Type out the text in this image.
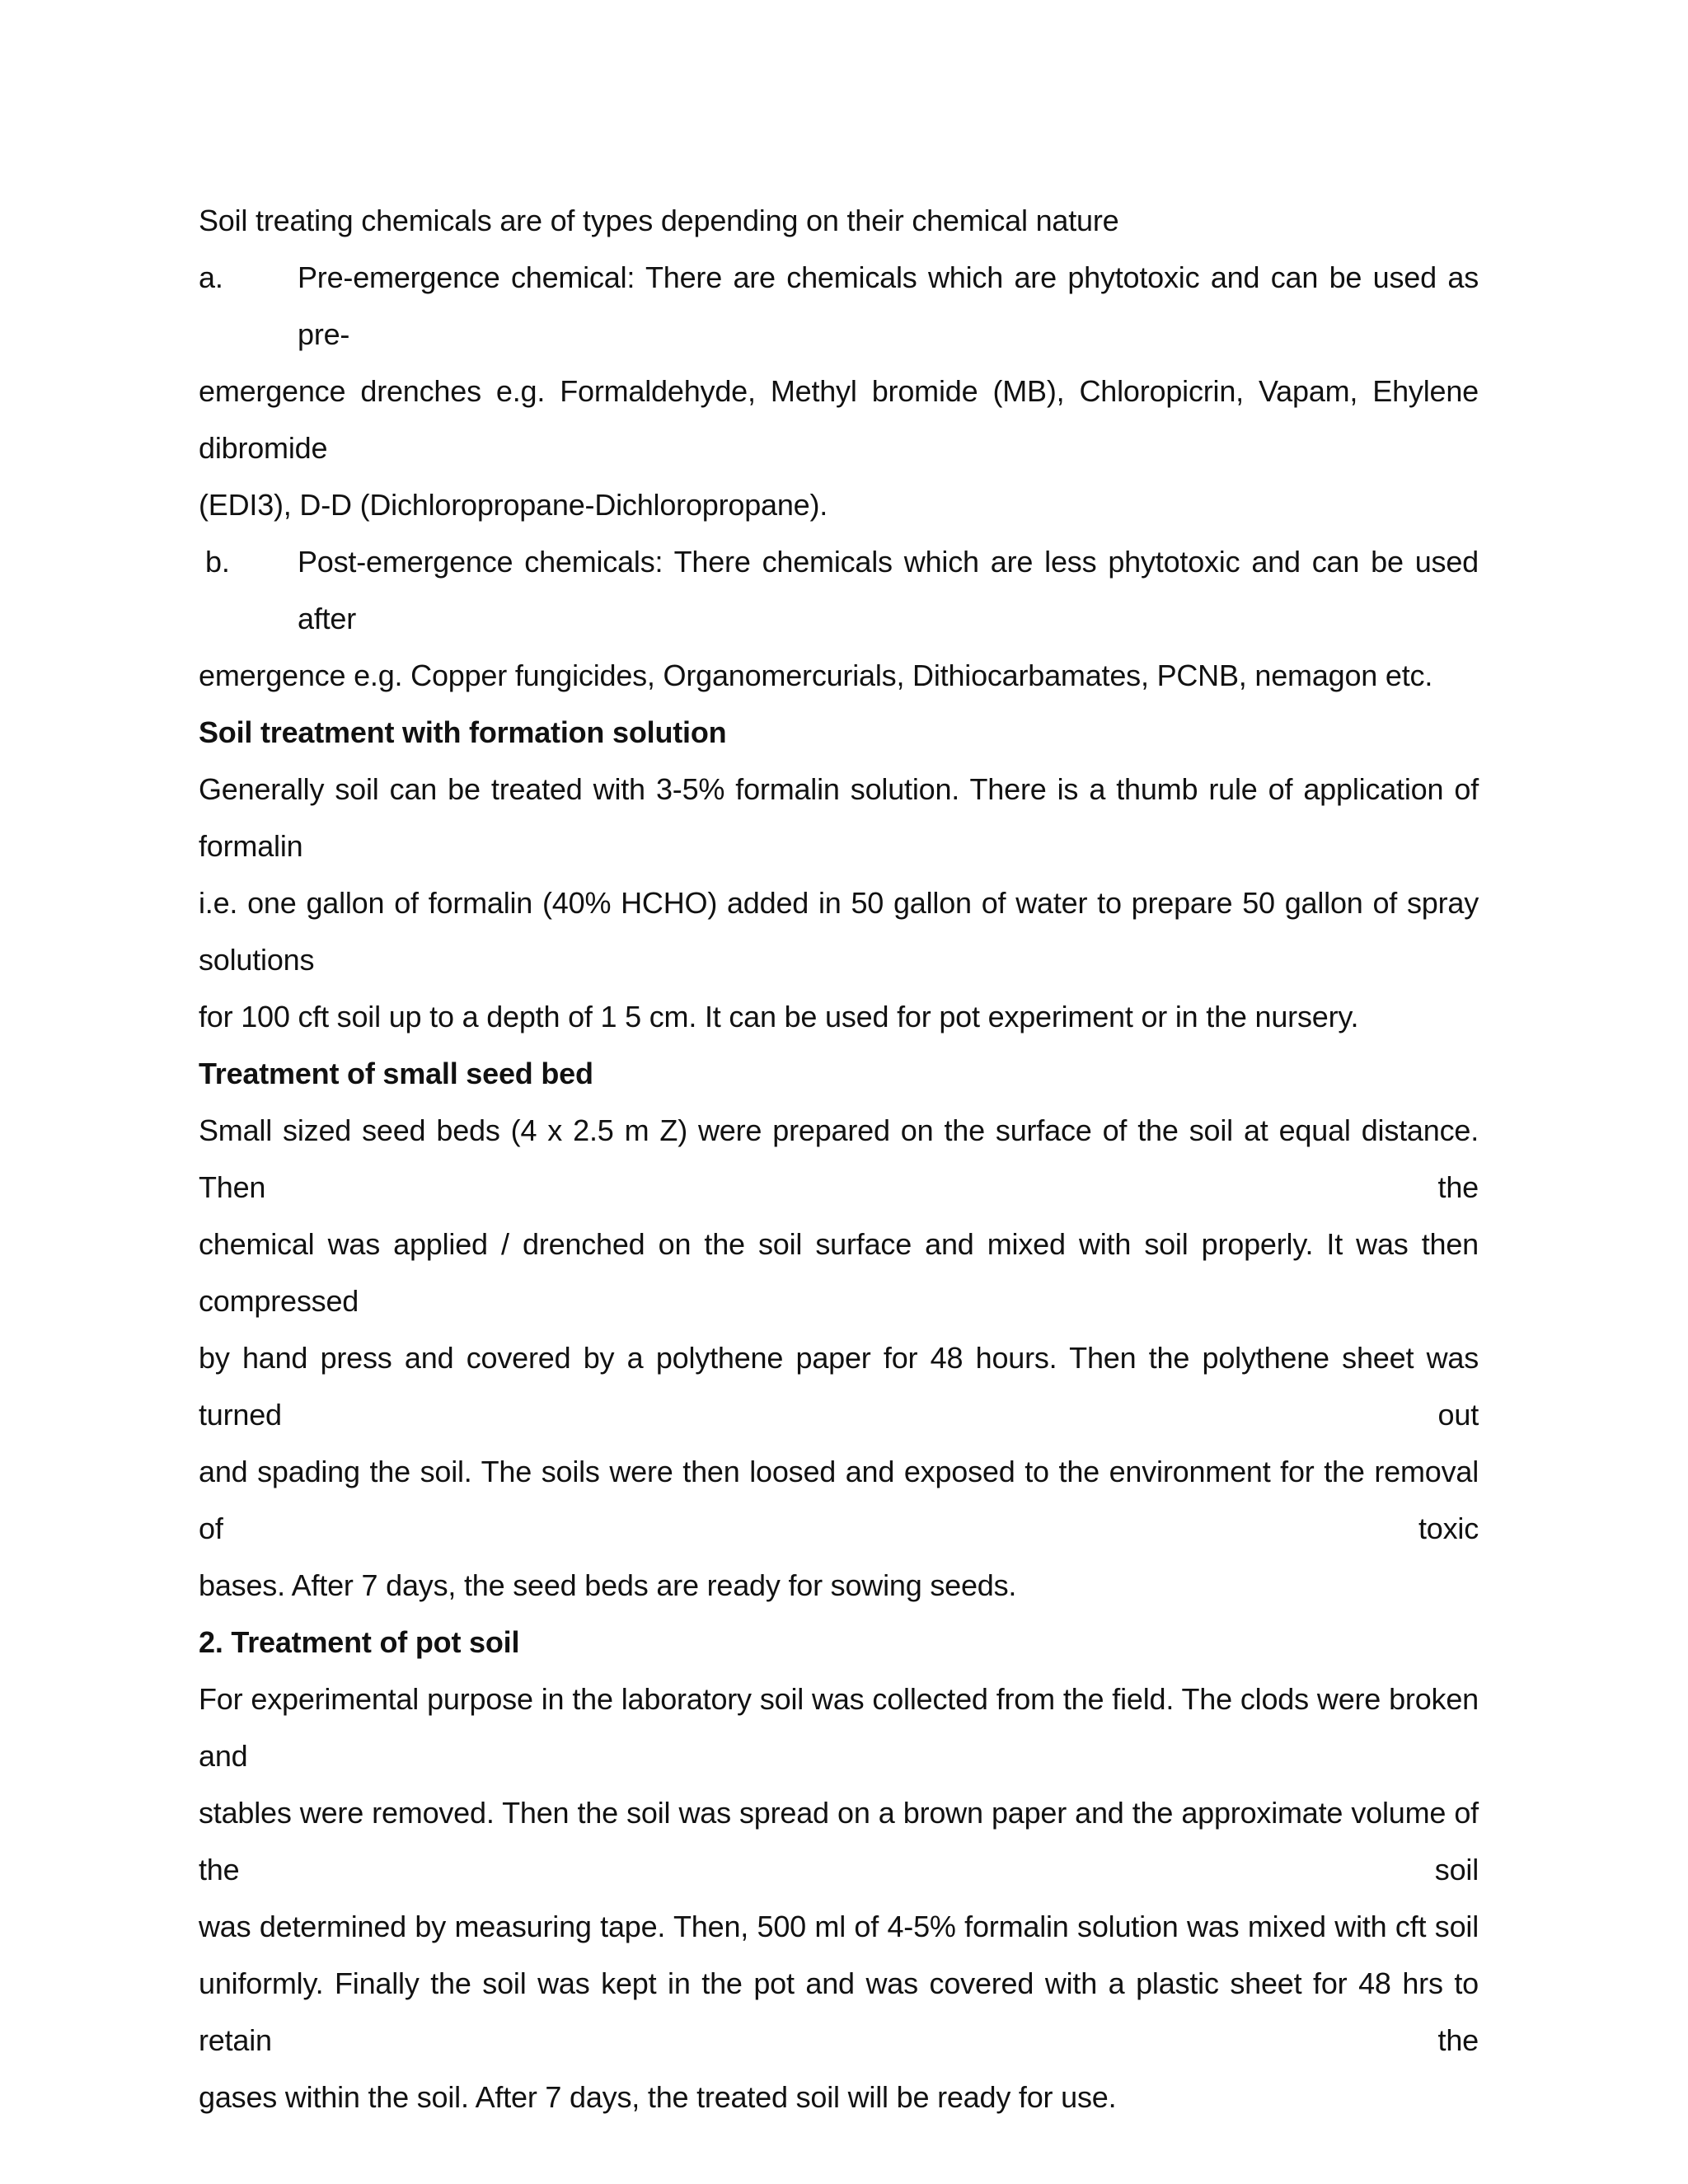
Soil treating chemicals are of types depending on their chemical nature

a.	Pre-emergence chemical: There are chemicals which are phytotoxic and can be used as pre-

emergence drenches e.g. Formaldehyde, Methyl bromide (MB), Chloropicrin, Vapam, Ehylene dibromide

(EDI3), D-D (Dichloropropane-Dichloropropane).

b.	Post-emergence chemicals: There chemicals which are less phytotoxic and can be used after

emergence e.g. Copper fungicides, Organomercurials, Dithiocarbamates, PCNB, nemagon etc.

Soil treatment with formation solution

Generally soil can be treated with 3-5% formalin solution. There is a thumb rule of application of formalin

i.e. one gallon of formalin (40% HCHO) added in 50 gallon of water to prepare 50 gallon of spray solutions

for 100 cft soil up to a depth of 1 5 cm. It can be used for pot experiment or in the nursery.

Treatment of small seed bed

Small sized seed beds (4 x 2.5 m Z) were prepared on the surface of the soil at equal distance. Then the

chemical was applied / drenched on the soil surface and mixed with soil properly. It was then compressed

by hand press and covered by a polythene paper for 48 hours. Then the polythene sheet was turned out

and spading the soil. The soils were then loosed and exposed to the environment for the removal of toxic

bases. After 7 days, the seed beds are ready for sowing seeds.

2. Treatment of pot soil

For experimental purpose in the laboratory soil was collected from the field. The clods were broken and

stables were removed. Then the soil was spread on a brown paper and the approximate volume of the soil

was determined by measuring tape. Then, 500 ml of 4-5% formalin solution was mixed with cft soil

uniformly. Finally the soil was kept in the pot and was covered with a plastic sheet for 48 hrs to retain the

gases within the soil. After 7 days, the treated soil will be ready for use.
